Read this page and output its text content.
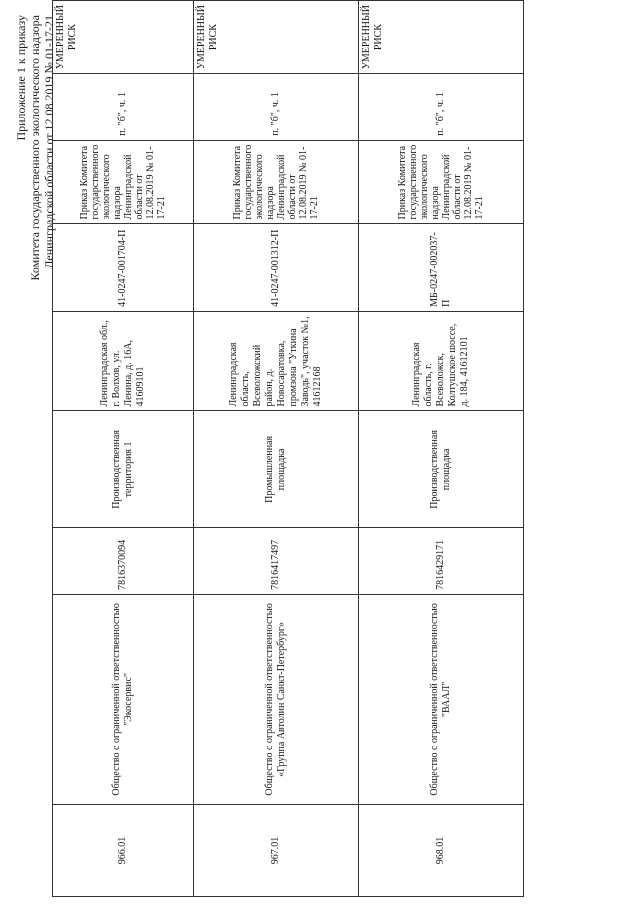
Приложение 1 к приказу Комитета государственного экологического надзора Ленинградской области от 12.08.2019 № 01-17-21
966.01	Общество с ограниченной ответственностью "Экосервис"	7816370094	Производственная территория 1	Ленинградская обл., г. Волхов, ул. Ленина, д. 16А, 41609101	41-0247-001704-П	Приказ Комитета государственного экологического надзора Ленинградской области от 12.08.2019 № 01-17-21	п. "б", ч. 1	УМЕРЕННЫЙ РИСК
967.01	Общество с ограниченной ответственностью «Группа Автолин Санкт-Петербург»	7816417497	Промышленная площадка	Ленинградская область, Всеволожский район, д. Новосаратовка, промзона "Уткина Заводь", участок №1, 41612168	41-0247-001312-П	Приказ Комитета государственного экологического надзора Ленинградской области от 12.08.2019 № 01-17-21	п. "б", ч. 1	УМЕРЕННЫЙ РИСК
968.01	Общество с ограниченной ответственностью "ВААЛ"	7816429171	Производственная площадка	Ленинградская область, г. Всеволожск, Колтушское шоссе, д. 184, 41612101	МБ-0247-002037-П	Приказ Комитета государственного экологического надзора Ленинградской области от 12.08.2019 № 01-17-21	п. "б", ч. 1	УМЕРЕННЫЙ РИСК
